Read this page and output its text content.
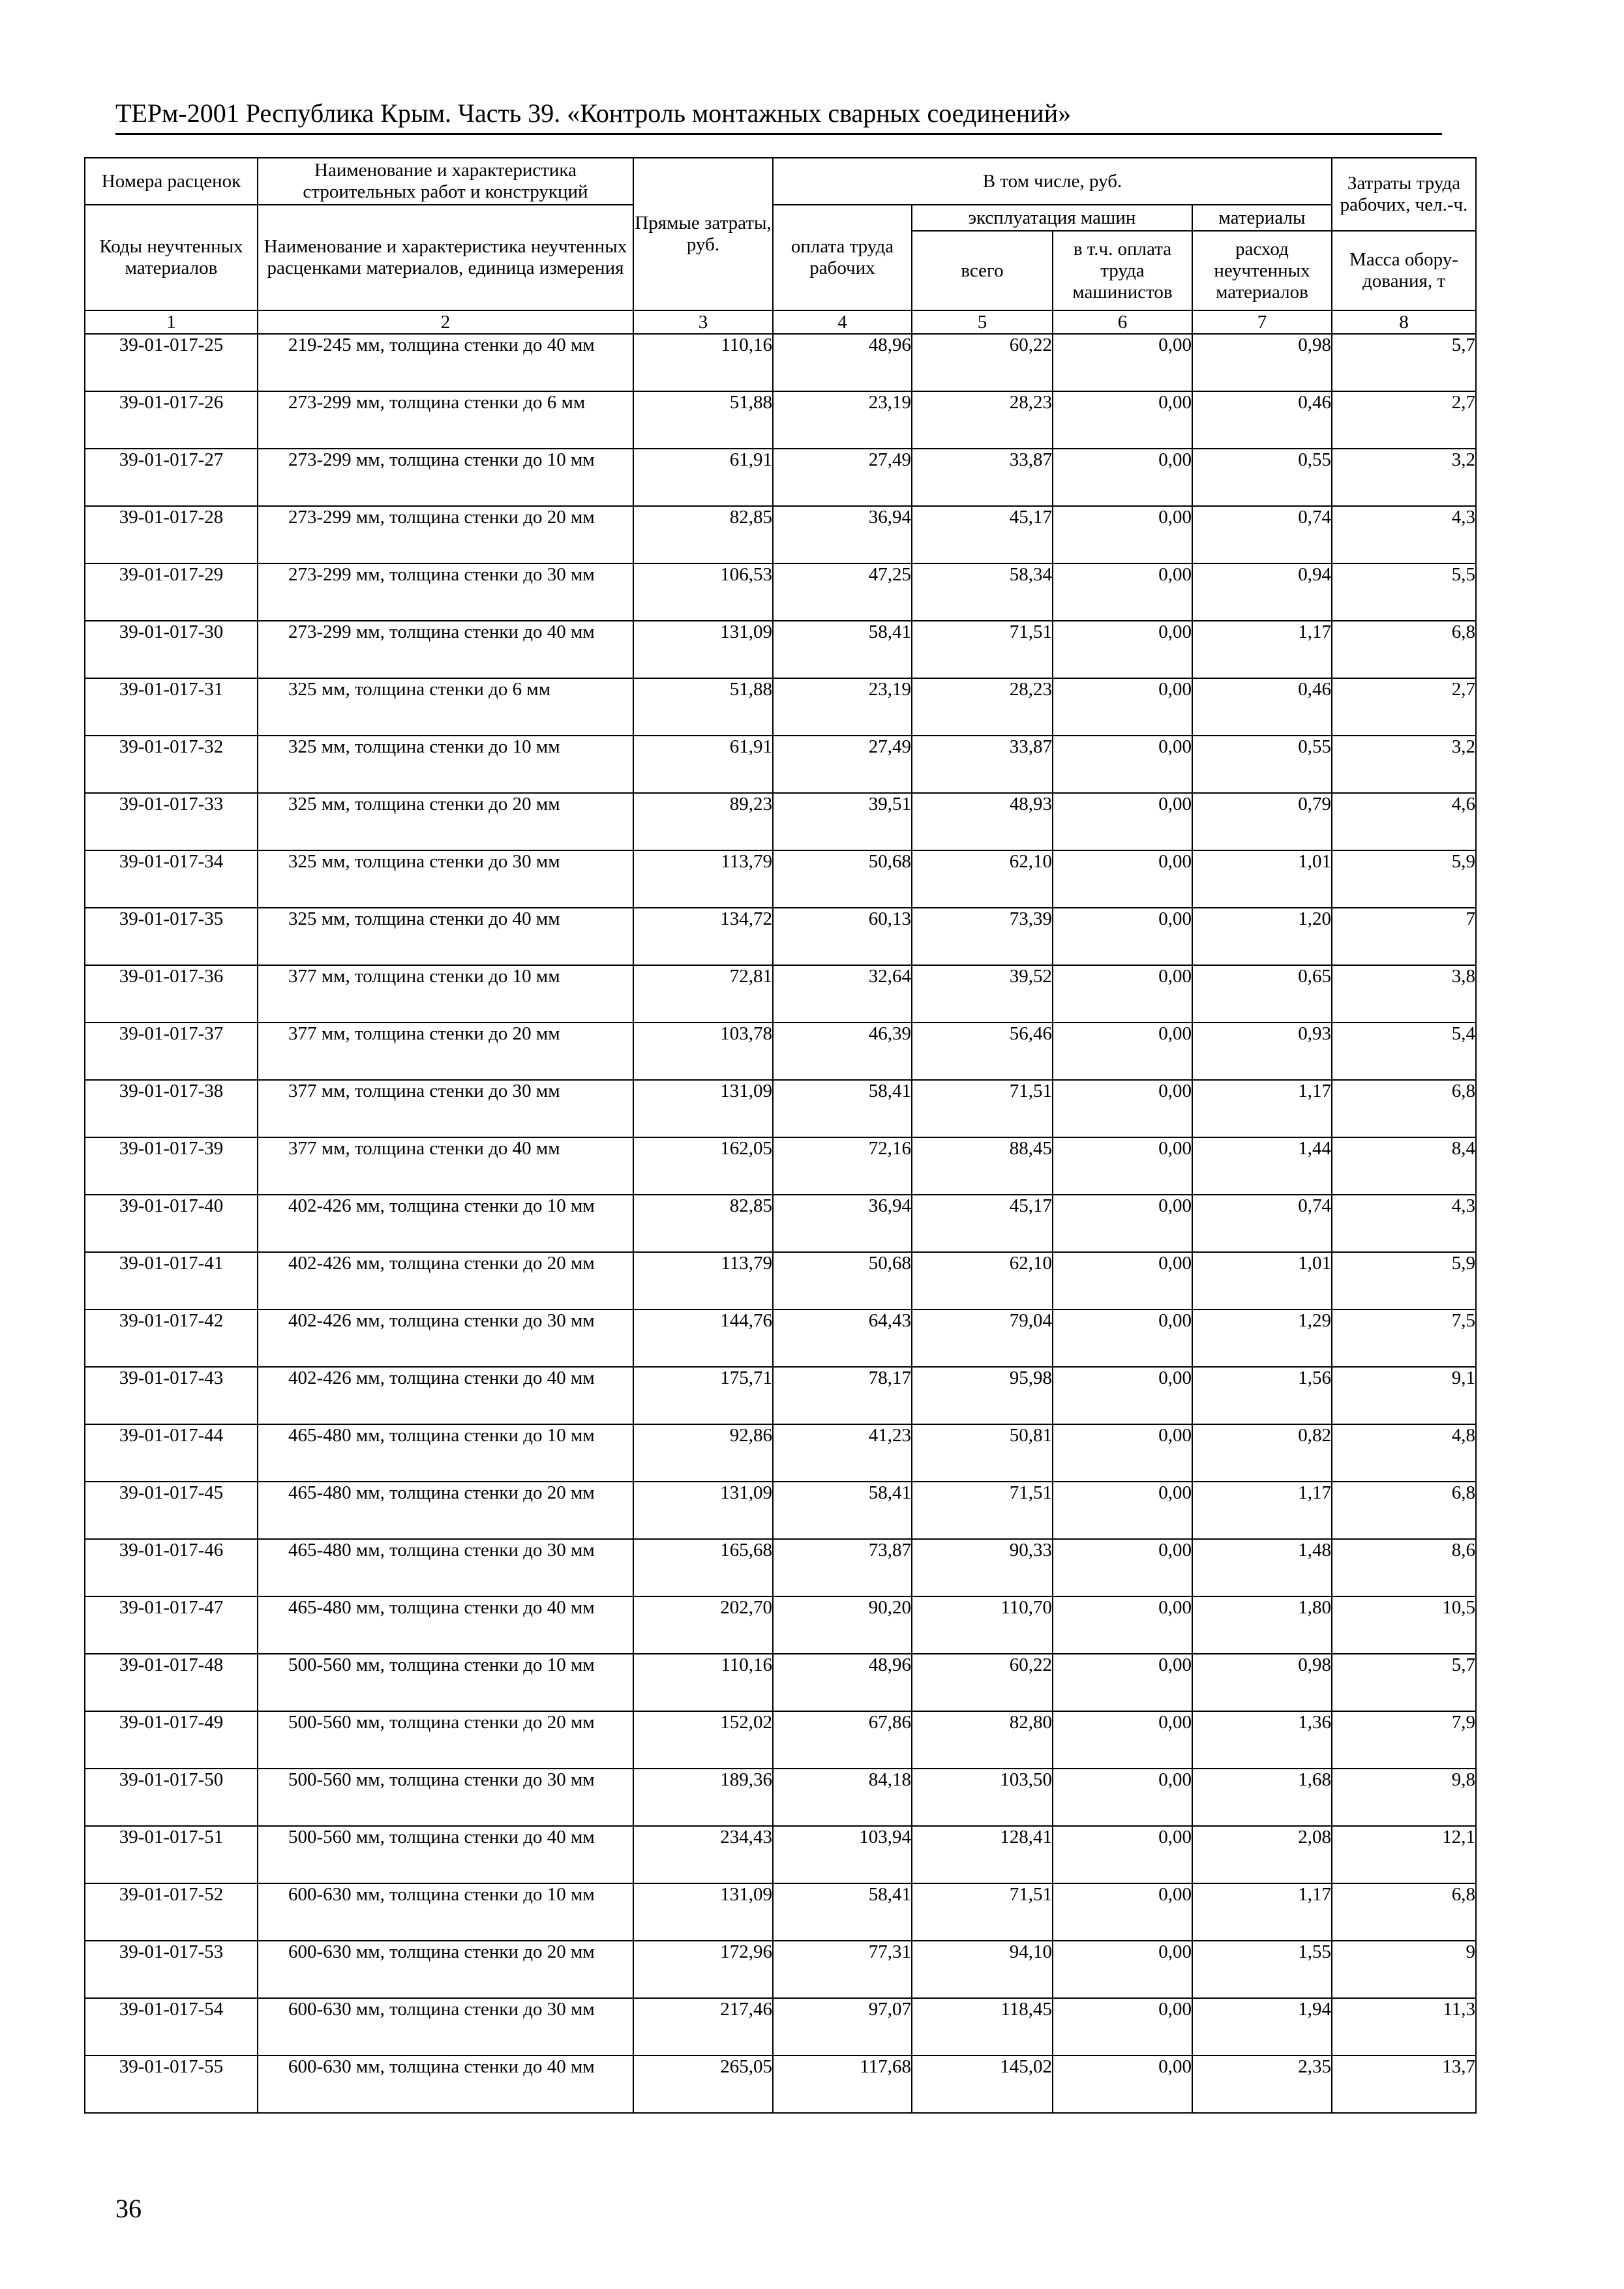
ТЕРм-2001 Республика Крым. Часть 39. «Контроль монтажных сварных соединений»
Номера расценок	Наименование и характеристика строительных работ и конструкций	Прямые затраты, руб.	В том числе, руб.				Затраты труда рабочих, чел.-ч.
Коды неучтенных материалов	Наименование и характеристика неучтенных расценками материалов, единица измерения		оплата труда рабочих	эксплуатация машин		материалы	
				всего	в т.ч. оплата труда машинистов	расход неучтенных материалов	Масса обору-дования, т
1	2	3	4	5	6	7	8
39-01-017-25	219-245 мм, толщина стенки до 40 мм	110,16	48,96	60,22	0,00	0,98	5,7
39-01-017-26	273-299 мм, толщина стенки до 6 мм	51,88	23,19	28,23	0,00	0,46	2,7
39-01-017-27	273-299 мм, толщина стенки до 10 мм	61,91	27,49	33,87	0,00	0,55	3,2
39-01-017-28	273-299 мм, толщина стенки до 20 мм	82,85	36,94	45,17	0,00	0,74	4,3
39-01-017-29	273-299 мм, толщина стенки до 30 мм	106,53	47,25	58,34	0,00	0,94	5,5
39-01-017-30	273-299 мм, толщина стенки до 40 мм	131,09	58,41	71,51	0,00	1,17	6,8
39-01-017-31	325 мм, толщина стенки до 6 мм	51,88	23,19	28,23	0,00	0,46	2,7
39-01-017-32	325 мм, толщина стенки до 10 мм	61,91	27,49	33,87	0,00	0,55	3,2
39-01-017-33	325 мм, толщина стенки до 20 мм	89,23	39,51	48,93	0,00	0,79	4,6
39-01-017-34	325 мм, толщина стенки до 30 мм	113,79	50,68	62,10	0,00	1,01	5,9
39-01-017-35	325 мм, толщина стенки до 40 мм	134,72	60,13	73,39	0,00	1,20	7
39-01-017-36	377 мм, толщина стенки до 10 мм	72,81	32,64	39,52	0,00	0,65	3,8
39-01-017-37	377 мм, толщина стенки до 20 мм	103,78	46,39	56,46	0,00	0,93	5,4
39-01-017-38	377 мм, толщина стенки до 30 мм	131,09	58,41	71,51	0,00	1,17	6,8
39-01-017-39	377 мм, толщина стенки до 40 мм	162,05	72,16	88,45	0,00	1,44	8,4
39-01-017-40	402-426 мм, толщина стенки до 10 мм	82,85	36,94	45,17	0,00	0,74	4,3
39-01-017-41	402-426 мм, толщина стенки до 20 мм	113,79	50,68	62,10	0,00	1,01	5,9
39-01-017-42	402-426 мм, толщина стенки до 30 мм	144,76	64,43	79,04	0,00	1,29	7,5
39-01-017-43	402-426 мм, толщина стенки до 40 мм	175,71	78,17	95,98	0,00	1,56	9,1
39-01-017-44	465-480 мм, толщина стенки до 10 мм	92,86	41,23	50,81	0,00	0,82	4,8
39-01-017-45	465-480 мм, толщина стенки до 20 мм	131,09	58,41	71,51	0,00	1,17	6,8
39-01-017-46	465-480 мм, толщина стенки до 30 мм	165,68	73,87	90,33	0,00	1,48	8,6
39-01-017-47	465-480 мм, толщина стенки до 40 мм	202,70	90,20	110,70	0,00	1,80	10,5
39-01-017-48	500-560 мм, толщина стенки до 10 мм	110,16	48,96	60,22	0,00	0,98	5,7
39-01-017-49	500-560 мм, толщина стенки до 20 мм	152,02	67,86	82,80	0,00	1,36	7,9
39-01-017-50	500-560 мм, толщина стенки до 30 мм	189,36	84,18	103,50	0,00	1,68	9,8
39-01-017-51	500-560 мм, толщина стенки до 40 мм	234,43	103,94	128,41	0,00	2,08	12,1
39-01-017-52	600-630 мм, толщина стенки до 10 мм	131,09	58,41	71,51	0,00	1,17	6,8
39-01-017-53	600-630 мм, толщина стенки до 20 мм	172,96	77,31	94,10	0,00	1,55	9
39-01-017-54	600-630 мм, толщина стенки до 30 мм	217,46	97,07	118,45	0,00	1,94	11,3
39-01-017-55	600-630 мм, толщина стенки до 40 мм	265,05	117,68	145,02	0,00	2,35	13,7
36
